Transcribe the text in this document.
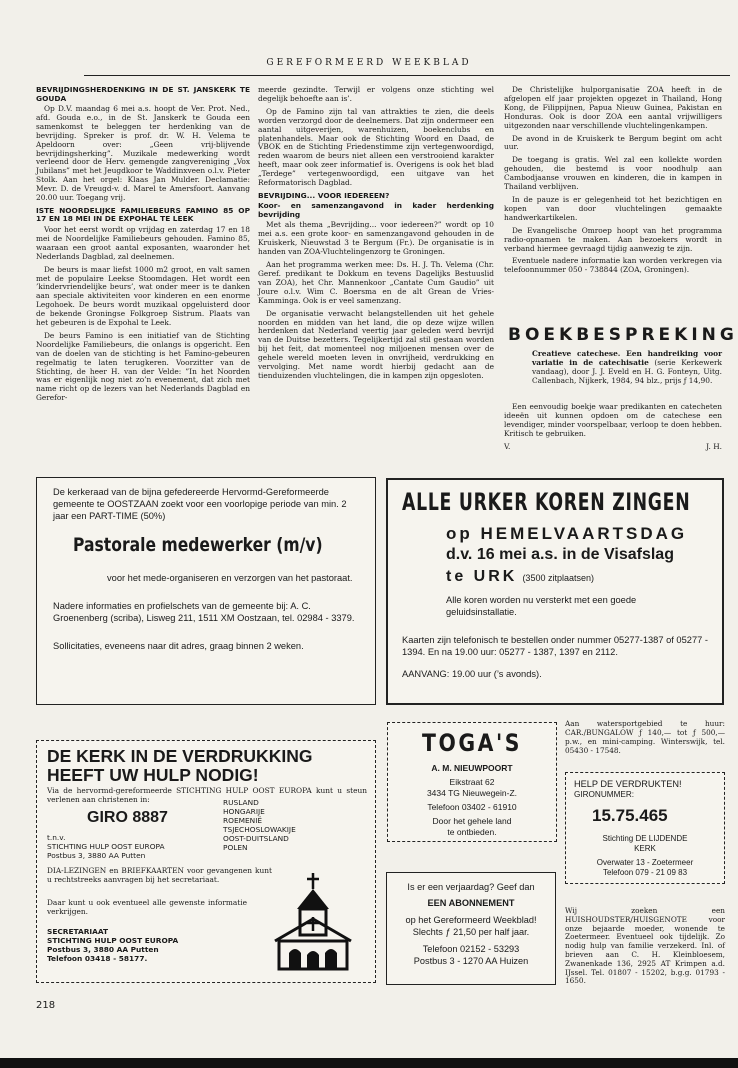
GEREFORMEERD WEEKBLAD
BEVRIJDINGSHERDENKING IN DE ST. JANSKERK TE GOUDA

Op D.V. maandag 6 mei a.s. hoopt de Ver. Prot. Ned., afd. Gouda e.o., in de St. Janskerk te Gouda een samenkomst te beleggen ter herdenking van de bevrijding. Spreker is prof. dr. W. H. Velema te Apeldoorn over: „Geen vrij-blijvende bevrijdingsherking”. Muzikale medewerking wordt verleend door de Herv. gemengde zangvereniging „Vox Jubilans” met het Jeugdkoor te Waddinxveen o.l.v. Pieter Stolk. Aan het orgel: Klaas Jan Mulder. Declamatie: Mevr. D. de Vreugd-v. d. Marel te Amersfoort. Aanvang 20.00 uur. Toegang vrij.

ISTE NOORDELIJKE FAMILIEBEURS FAMINO 85 OP 17 EN 18 MEI IN DE EXPOHAL TE LEEK

Voor het eerst wordt op vrijdag en zaterdag 17 en 18 mei de Noordelijke Familiebeurs gehouden. Famino 85, waaraan een groot aantal exposanten, waaronder het Nederlands Dagblad, zal deelnemen.

De beurs is maar liefst 1000 m2 groot, en valt samen met de populaire Leekse Stoomdagen. Het wordt een ’kindervriendelijke beurs’, wat onder meer is te danken aan speciale aktiviteiten voor kinderen en een enorme Legohoek. De beurs wordt muzikaal opgeluisterd door de bekende Groningse Folkgroep Sistrum. Plaats van het gebeuren is de Expohal te Leek.

De beurs Famino is een initiatief van de Stichting Noordelijke Familiebeurs, die onlangs is opgericht. Een van de doelen van de stichting is het Famino-gebeuren regelmatig te laten terugkeren. Voorzitter van de Stichting, de heer H. van der Velde: ”In het Noorden was er eigenlijk nog niet zo’n evenement, dat zich met name richt op de lezers van het Nederlands Dagblad en Gerefor-

meerde gezindte. Terwijl er volgens onze stichting wel degelijk behoefte aan is’.

Op de Famino zijn tal van attrakties te zien, die deels worden verzorgd door de deelnemers. Dat zijn ondermeer een aantal uitgeverijen, warenhuizen, boekenclubs en platenhandels. Maar ook de Stichting Woord en Daad, de VBOK en de Stichting Friedenstimme zijn vertegenwoordigd, reden waarom de beurs niet alleen een verstrooiend karakter heeft, maar ook zeer informatief is. Overigens is ook het blad „Terdege” vertegenwoordigd, een uitgave van het Reformatorisch Dagblad.

BEVRIJDING... VOOR IEDEREEN?
Koor- en samenzangavond in kader herdenking bevrijding

Met als thema „Bevrijding... voor iedereen?” wordt op 10 mei a.s. een grote koor- en samenzangavond gehouden in de Kruiskerk, Nieuwstad 3 te Bergum (Fr.). De organisatie is in handen van ZOA-Vluchtelingenzorg te Groningen.

Aan het programma werken mee: Ds. H. J. Th. Velema (Chr. Geref. predikant te Dokkum en tevens Dagelijks Bestuuslid van ZOA), het Chr. Mannenkoor „Cantate Cum Gaudio” uit Joure o.l.v. Wim C. Boersma en de alt Grean de Vries-Kamminga. Ook is er veel samenzang.

De organisatie verwacht belangstellenden uit het gehele noorden en midden van het land, die op deze wijze willen herdenken dat Nederland veertig jaar geleden werd bevrijd van de Duitse bezetters. Tegelijkertijd zal stil gestaan worden bij het feit, dat momenteel nog miljoenen mensen over de gehele wereld moeten leven in onvrijheid, verdrukking en vervolging. Met name wordt hierbij gedacht aan de tienduizenden vluchtelingen, die in kampen zijn opgesloten.

De Christelijke hulporganisatie ZOA heeft in de afgelopen elf jaar projekten opgezet in Thailand, Hong Kong, de Filippijnen, Papua Nieuw Guinea, Pakistan en Honduras. Ook is door ZOA een aantal vrijwilligers uitgezonden naar verschillende vluchtelingenkampen.

De avond in de Kruiskerk te Bergum begint om acht uur.

De toegang is gratis. Wel zal een kollekte worden gehouden, die bestemd is voor noodhulp aan Cambodjaanse vrouwen en kinderen, die in kampen in Thailand verblijven.

In de pauze is er gelegenheid tot het bezichtigen en kopen van door vluchtelingen gemaakte handwerkartikelen.

De Evangelische Omroep hoopt van het programma radio-opnamen te maken. Aan bezoekers wordt in verband hiermee gevraagd tijdig aanwezig te zijn.

Eventuele nadere informatie kan worden verkregen via telefoonnummer 050 - 738844 (ZOA, Groningen).

BOEKBESPREKING

Creatieve catechese. Een handreiking voor variatie in de catechisatie (serie Kerkewerk vandaag), door J. J. Eveld en H. G. Fonteyn, Uitg. Callenbach, Nijkerk, 1984, 94 blz., prijs ƒ 14,90.

Een eenvoudig boekje waar predikanten en catecheten ideeën uit kunnen opdoen om de catechese een levendiger, minder voorspelbaar, verloop te doen hebben. Kritisch te gebruiken.

V.	J. H.
De kerkeraad van de bijna gefedereerde Hervormd-Gereformeerde gemeente te OOSTZAAN zoekt voor een voorlopige periode van min. 2 jaar een PART-TIME (50%)
Pastorale medewerker (m/v)
voor het mede-organiseren en verzorgen van het pastoraat.
Nadere informaties en profielschets van de gemeente bij: A. C. Groenenberg (scriba), Lisweg 211, 1511 XM Oostzaan, tel. 02984 - 3379.
Sollicitaties, eveneens naar dit adres, graag binnen 2 weken.
ALLE URKER KOREN ZINGEN
op HEMELVAARTSDAG
d.v. 16 mei a.s. in de Visafslag
te URK (3500 zitplaatsen)
Alle koren worden nu versterkt met een goede geluidsinstallatie.
Kaarten zijn telefonisch te bestellen onder nummer 05277-1387 of 05277 - 1394. En na 19.00 uur: 05277 - 1387, 1397 en 2112.
AANVANG: 19.00 uur (’s avonds).
DE KERK IN DE VERDRUKKING
HEEFT UW HULP NODIG!
Via de hervormd-gereformeerde STICHTING HULP OOST EUROPA kunt u steun verlenen aan christenen in:	RUSLAND
HONGARIJE
ROEMENIË
TSJECHOSLOWAKIJE
OOST-DUITSLAND
POLEN
GIRO 8887
t.n.v.
STICHTING HULP OOST EUROPA
Postbus 3, 3880 AA Putten
DIA-LEZINGEN en BRIEFKAARTEN voor gevangenen kunt u rechtstreeks aanvragen bij het secretariaat.
Daar kunt u ook eventueel alle gewenste informatie verkrijgen.
SECRETARIAAT
STICHTING HULP OOST EUROPA
Postbus 3, 3880 AA Putten
Telefoon 03418 - 58177.
TOGA'S
A. M. NIEUWPOORT
Eikstraat 62
3434 TG Nieuwegein-Z.
Telefoon 03402 - 61910
Door het gehele land
te ontbieden.
Is er een verjaardag? Geef dan
EEN ABONNEMENT
op het Gereformeerd Weekblad!
Slechts ƒ 21,50 per half jaar.
Telefoon 02152 - 53293
Postbus 3 - 1270 AA Huizen
Aan watersportgebied te huur: CAR./BUNGALOW ƒ 140,— tot ƒ 500,— p.w., en mini-camping. Winterswijk, tel. 05430 - 17548.
HELP DE VERDRUKTEN!
GIRONUMMER:
15.75.465
Stichting DE LIJDENDE
KERK
Overwater 13 - Zoetermeer
Telefoon 079 - 21 09 83
Wij zoeken een HUISHOUDSTER/HUISGENOTE voor onze bejaarde moeder, wonende te Zoetermeer. Eventueel ook tijdelijk. Zo nodig hulp van familie verzekerd. Inl. of brieven aan C. H. Kleinbloesem, Zwanenkade 136, 2925 AT Krimpen a.d. IJssel. Tel. 01807 - 15202, b.g.g. 01793 - 1650.
218
